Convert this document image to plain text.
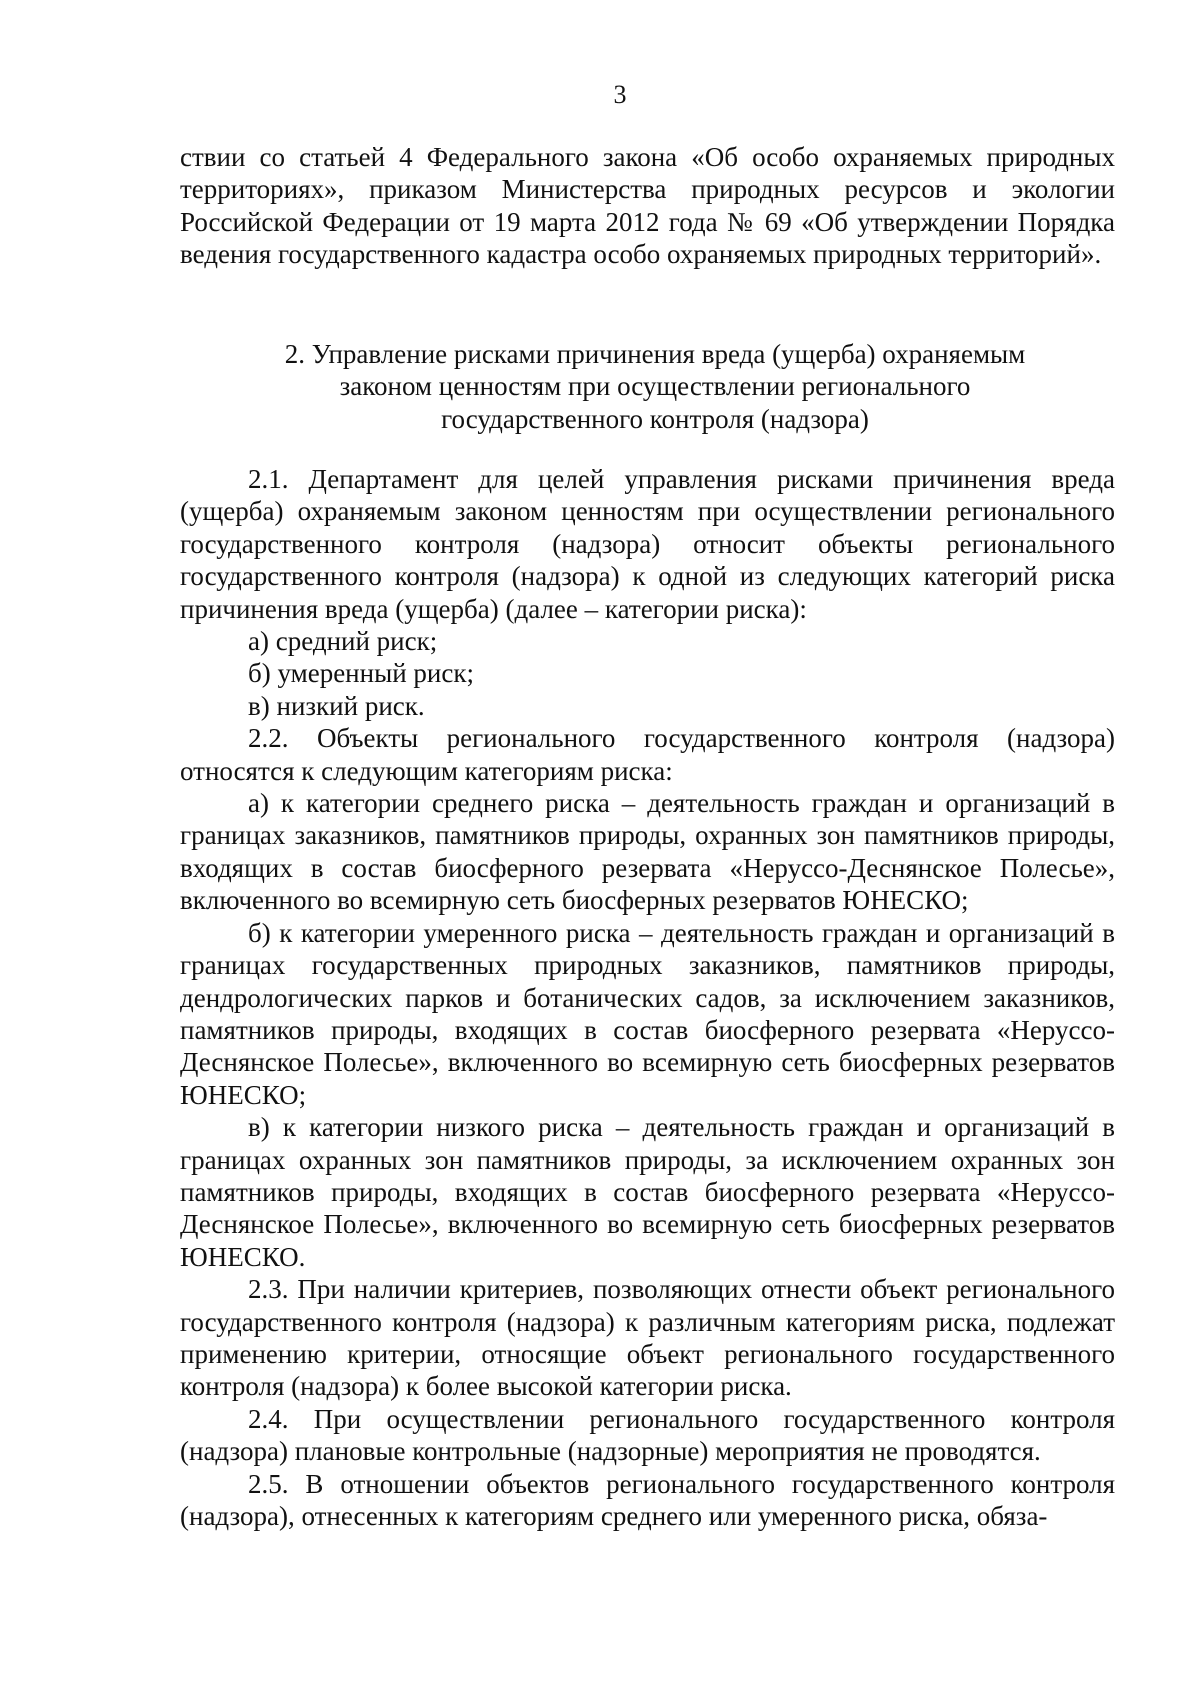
3

ствии со статьей 4 Федерального закона «Об особо охраняемых природных территориях», приказом Министерства природных ресурсов и экологии Российской Федерации от 19 марта 2012 года № 69 «Об утверждении Порядка ведения государственного кадастра особо охраняемых природных территорий».

2. Управление рисками причинения вреда (ущерба) охраняемым
законом ценностям при осуществлении регионального
государственного контроля (надзора)

2.1. Департамент для целей управления рисками причинения вреда (ущерба) охраняемым законом ценностям при осуществлении регионального государственного контроля (надзора) относит объекты регионального государственного контроля (надзора) к одной из следующих категорий риска причинения вреда (ущерба) (далее – категории риска):

а) средний риск;

б) умеренный риск;

в) низкий риск.

2.2. Объекты регионального государственного контроля (надзора) относятся к следующим категориям риска:

а) к категории среднего риска – деятельность граждан и организаций в границах заказников, памятников природы, охранных зон памятников природы, входящих в состав биосферного резервата «Неруссо-Деснянское Полесье», включенного во всемирную сеть биосферных резерватов ЮНЕСКО;

б) к категории умеренного риска – деятельность граждан и организаций в границах государственных природных заказников, памятников природы, дендрологических парков и ботанических садов, за исключением заказников, памятников природы, входящих в состав биосферного резервата «Неруссо-Деснянское Полесье», включенного во всемирную сеть биосферных резерватов ЮНЕСКО;

в) к категории низкого риска – деятельность граждан и организаций в границах охранных зон памятников природы, за исключением охранных зон памятников природы, входящих в состав биосферного резервата «Неруссо-Деснянское Полесье», включенного во всемирную сеть биосферных резерватов ЮНЕСКО.

2.3. При наличии критериев, позволяющих отнести объект регионального государственного контроля (надзора) к различным категориям риска, подлежат применению критерии, относящие объект регионального государственного контроля (надзора) к более высокой категории риска.

2.4. При осуществлении регионального государственного контроля (надзора) плановые контрольные (надзорные) мероприятия не проводятся.

2.5. В отношении объектов регионального государственного контроля (надзора), отнесенных к категориям среднего или умеренного риска, обяза-
